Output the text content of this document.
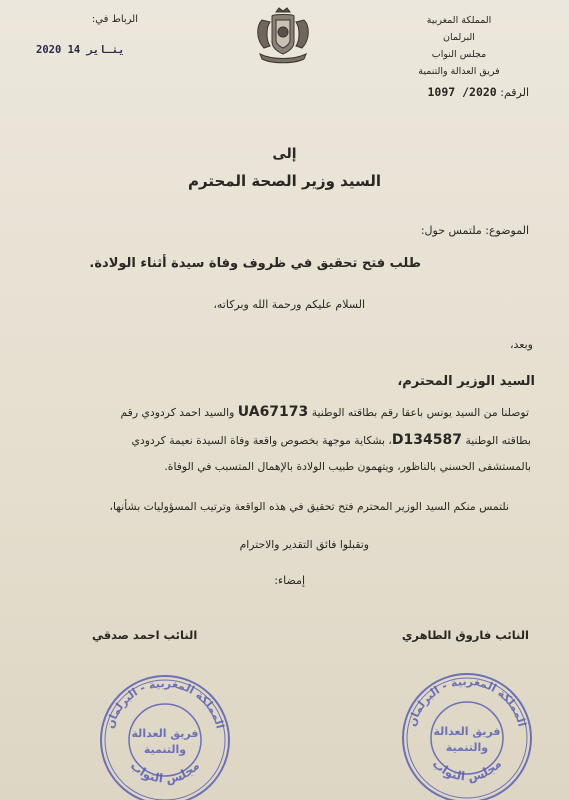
المملكة المغربية
البرلمان
مجلس النواب
فريق العدالة والتنمية
الرقم: 2020/ 1097
الرباط في:
2020 ينـاير 14
إلى
السيد وزير الصحة المحترم
الموضوع: ملتمس حول:
طلب فتح تحقيق في ظروف وفاة سيدة أثناء الولادة.
السلام عليكم ورحمة الله وبركاته،
وبعد،
السيد الوزير المحترم،
توصلنا من السيد يونس باعقا رقم بطاقته الوطنية UA67173 والسيد احمد كردودي رقم
بطاقته الوطنية D134587، بشكاية موجهة بخصوص واقعة وفاة السيدة نعيمة كردودي
بالمستشفى الحسني بالناظور، ويتهمون طبيب الولادة بالإهمال المتسبب في الوفاة.
نلتمس منكم السيد الوزير المحترم فتح تحقيق في هذه الواقعة وترتيب المسؤوليات بشأنها،
وتقبلوا فائق التقدير والاحترام
إمضاء:
النائب فاروق الطاهري
النائب احمد صدقي
المملكة المغربية - البرلمان
مجلس النواب
فريق العدالة
والتنمية
المملكة المغربية - البرلمان
مجلس النواب
فريق العدالة
والتنمية
